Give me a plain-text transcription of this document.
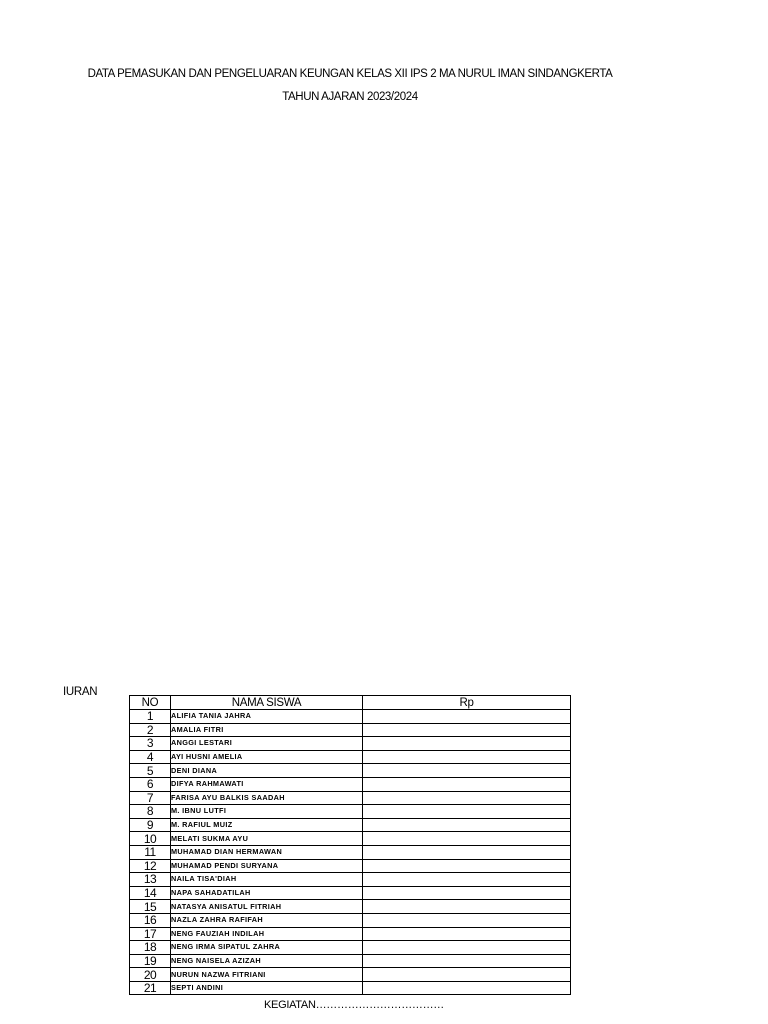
DATA PEMASUKAN DAN PENGELUARAN KEUNGAN KELAS XII IPS 2 MA NURUL IMAN SINDANGKERTA
TAHUN AJARAN 2023/2024
IURAN
NO	NAMA SISWA	Rp
1	ALIFIA TANIA JAHRA	
2	AMALIA FITRI	
3	ANGGI LESTARI	
4	AYI HUSNI AMELIA	
5	DENI DIANA	
6	DIFYA RAHMAWATI	
7	FARISA AYU BALKIS SAADAH	
8	M. IBNU LUTFI	
9	M. RAFIUL MUIZ	
10	MELATI SUKMA AYU	
11	MUHAMAD DIAN HERMAWAN	
12	MUHAMAD PENDI SURYANA	
13	NAILA TISA'DIAH	
14	NAPA SAHADATILAH	
15	NATASYA ANISATUL FITRIAH	
16	NAZLA ZAHRA RAFIFAH	
17	NENG FAUZIAH INDILAH	
18	NENG IRMA SIPATUL ZAHRA	
19	NENG NAISELA AZIZAH	
20	NURUN NAZWA FITRIANI	
21	SEPTI ANDINI	
KEGIATAN………………………………
